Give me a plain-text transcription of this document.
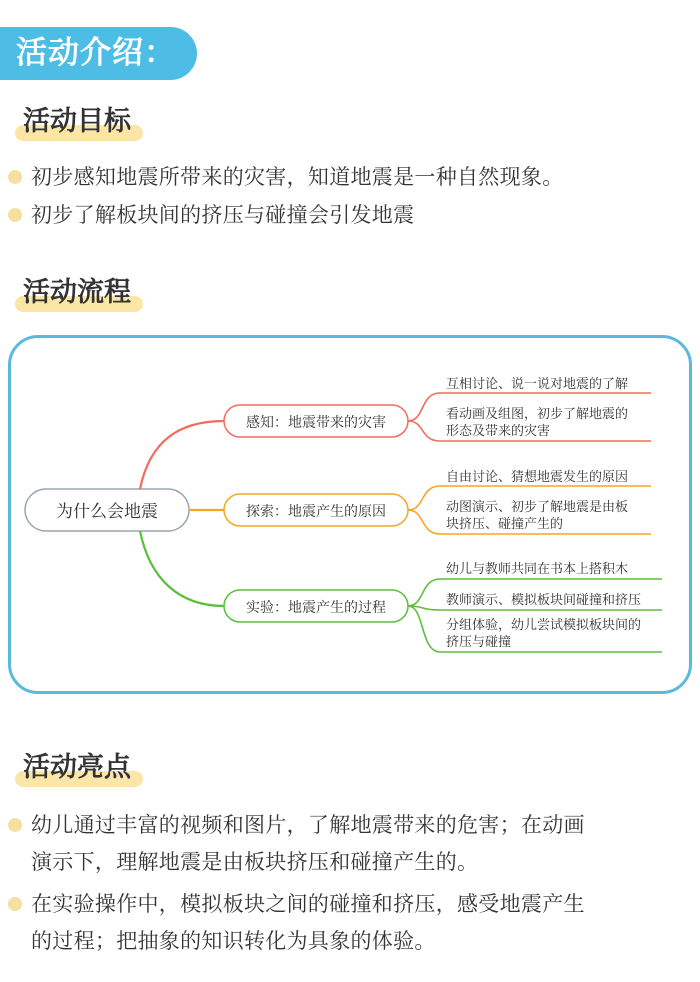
活动介绍：
活动目标
初步感知地震所带来的灾害，知道地震是一种自然现象。
初步了解板块间的挤压与碰撞会引发地震
活动流程
为什么会地震
感知：地震带来的灾害
互相讨论、说一说对地震的了解
看动画及组图，初步了解地震的
形态及带来的灾害
探索：地震产生的原因
自由讨论、猜想地震发生的原因
动图演示、初步了解地震是由板
块挤压、碰撞产生的
实验：地震产生的过程
幼儿与教师共同在书本上搭积木
教师演示、模拟板块间碰撞和挤压
分组体验，幼儿尝试模拟板块间的
挤压与碰撞
活动亮点
幼儿通过丰富的视频和图片，了解地震带来的危害；在动画
演示下，理解地震是由板块挤压和碰撞产生的。
在实验操作中，模拟板块之间的碰撞和挤压，感受地震产生
的过程；把抽象的知识转化为具象的体验。
